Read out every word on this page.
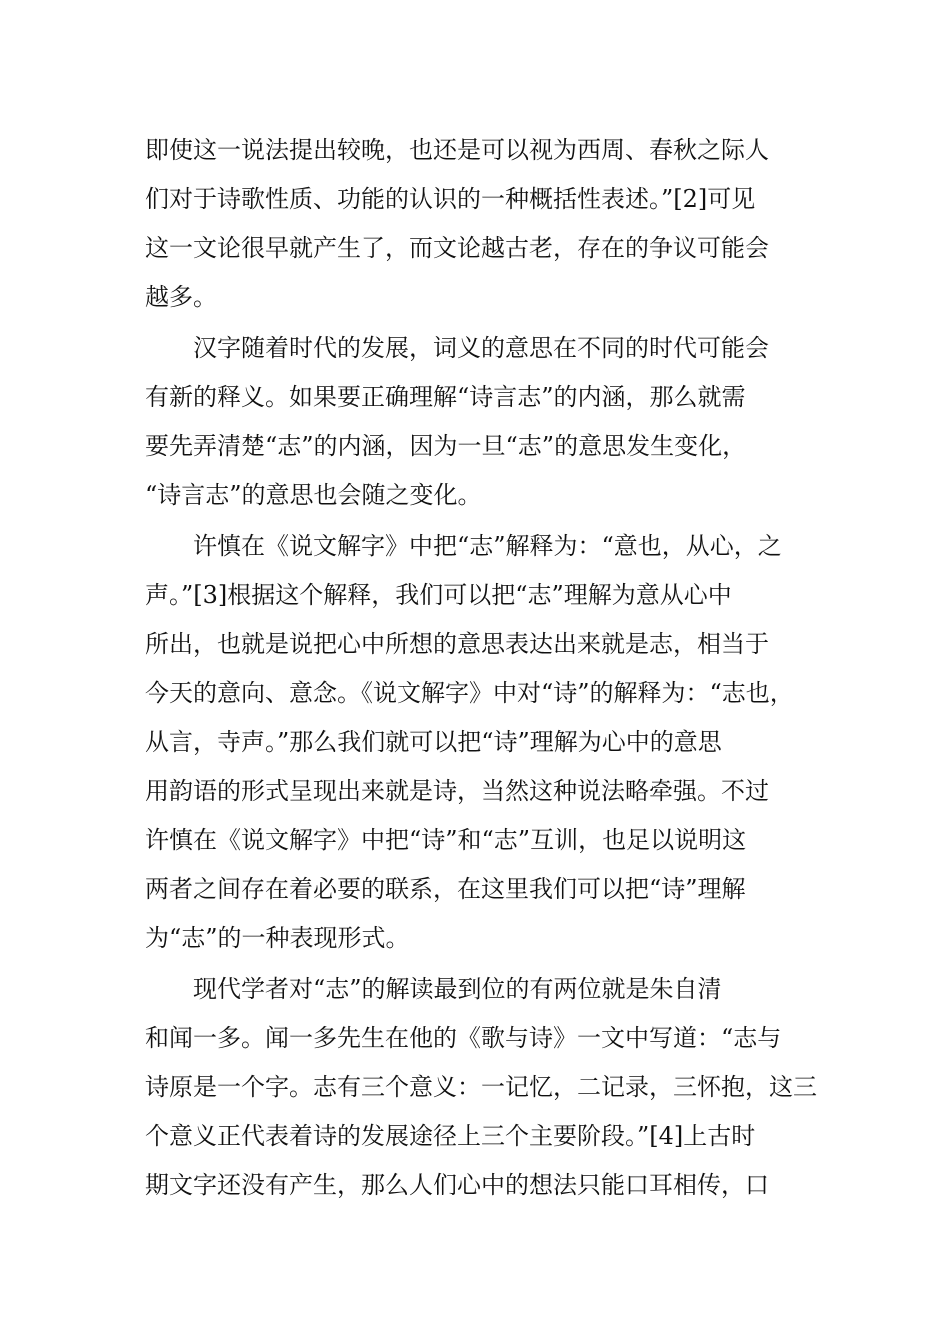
即使这一说法提出较晚，也还是可以视为西周、春秋之际人
们对于诗歌性质、功能的认识的一种概括性表述。”[2]可见
这一文论很早就产生了，而文论越古老，存在的争议可能会
越多。
汉字随着时代的发展，词义的意思在不同的时代可能会
有新的释义。如果要正确理解“诗言志”的内涵，那么就需
要先弄清楚“志”的内涵，因为一旦“志”的意思发生变化，
“诗言志”的意思也会随之变化。
许慎在《说文解字》中把“志”解释为：“意也，从心，之
声。”[3]根据这个解释，我们可以把“志”理解为意从心中
所出，也就是说把心中所想的意思表达出来就是志，相当于
今天的意向、意念。《说文解字》中对“诗”的解释为：“志也，
从言，寺声。”那么我们就可以把“诗”理解为心中的意思
用韵语的形式呈现出来就是诗，当然这种说法略牵强。不过
许慎在《说文解字》中把“诗”和“志”互训，也足以说明这
两者之间存在着必要的联系，在这里我们可以把“诗”理解
为“志”的一种表现形式。
现代学者对“志”的解读最到位的有两位就是朱自清
和闻一多。闻一多先生在他的《歌与诗》一文中写道：“志与
诗原是一个字。志有三个意义：一记忆，二记录，三怀抱，这三
个意义正代表着诗的发展途径上三个主要阶段。”[4]上古时
期文字还没有产生，那么人们心中的想法只能口耳相传，口
